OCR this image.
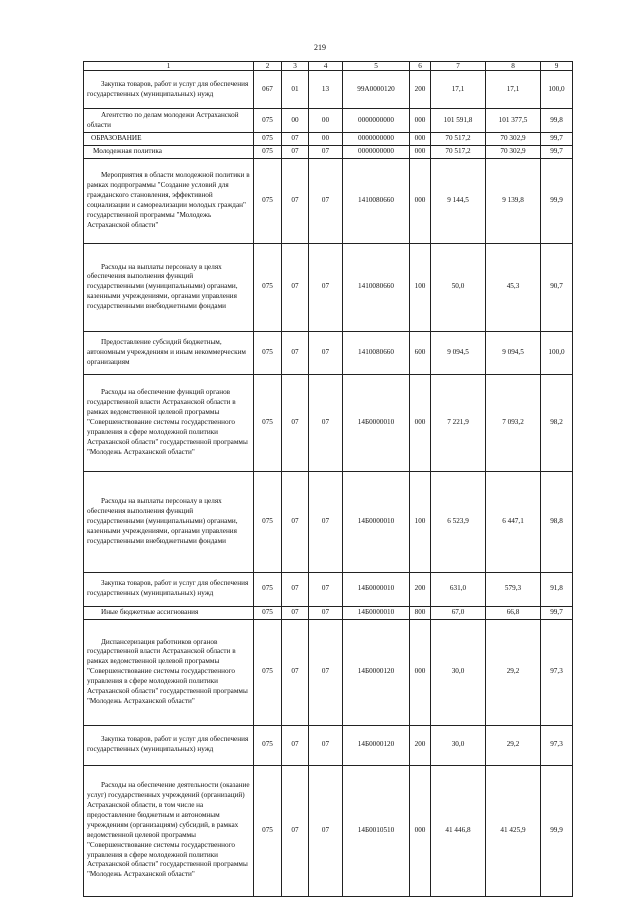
219
1	2	3	4	5	6	7	8	9

Закупка товаров, работ и услуг для обеспечения государственных (муниципальных) нужд	067	01	13	99А0000120	200	17,1	17,1	100,0

Агентство по делам молодежи Астраханской области	075	00	00	0000000000	000	101 591,8	101 377,5	99,8

ОБРАЗОВАНИЕ	075	07	00	0000000000	000	70 517,2	70 302,9	99,7

Молодежная политика	075	07	07	0000000000	000	70 517,2	70 302,9	99,7

Мероприятия в области молодежной политики в рамках подпрограммы "Создание условий для гражданского становления, эффективной социализации и самореализации молодых граждан" государственной программы "Молодежь Астраханской области"	075	07	07	1410080660	000	9 144,5	9 139,8	99,9

Расходы на выплаты персоналу в целях обеспечения выполнения функций государственными (муниципальными) органами, казенными учреждениями, органами управления государственными внебюджетными фондами	075	07	07	1410080660	100	50,0	45,3	90,7

Предоставление субсидий бюджетным, автономным учреждениям и иным некоммерческим организациям	075	07	07	1410080660	600	9 094,5	9 094,5	100,0

Расходы на обеспечение функций органов государственной власти Астраханской области в рамках ведомственной целевой программы "Совершенствование системы государственного управления в сфере молодежной политики Астраханской области" государственной программы "Молодежь Астраханской области"	075	07	07	14Б0000010	000	7 221,9	7 093,2	98,2

Расходы на выплаты персоналу в целях обеспечения выполнения функций государственными (муниципальными) органами, казенными учреждениями, органами управления государственными внебюджетными фондами	075	07	07	14Б0000010	100	6 523,9	6 447,1	98,8

Закупка товаров, работ и услуг для обеспечения государственных (муниципальных) нужд	075	07	07	14Б0000010	200	631,0	579,3	91,8

Иные бюджетные ассигнования	075	07	07	14Б0000010	800	67,0	66,8	99,7

Диспансеризация работников органов государственной власти Астраханской области в рамках ведомственной целевой программы "Совершенствование системы государственного управления в сфере молодежной политики Астраханской области" государственной программы "Молодежь Астраханской области"	075	07	07	14Б0000120	000	30,0	29,2	97,3

Закупка товаров, работ и услуг для обеспечения государственных (муниципальных) нужд	075	07	07	14Б0000120	200	30,0	29,2	97,3

Расходы на обеспечение деятельности (оказание услуг) государственных учреждений (организаций) Астраханской области, в том числе на предоставление бюджетным и автономным учреждениям (организациям) субсидий, в рамках ведомственной целевой программы "Совершенствование системы государственного управления в сфере молодежной политики Астраханской области" государственной программы "Молодежь Астраханской области"	075	07	07	14Б0010510	000	41 446,8	41 425,9	99,9
